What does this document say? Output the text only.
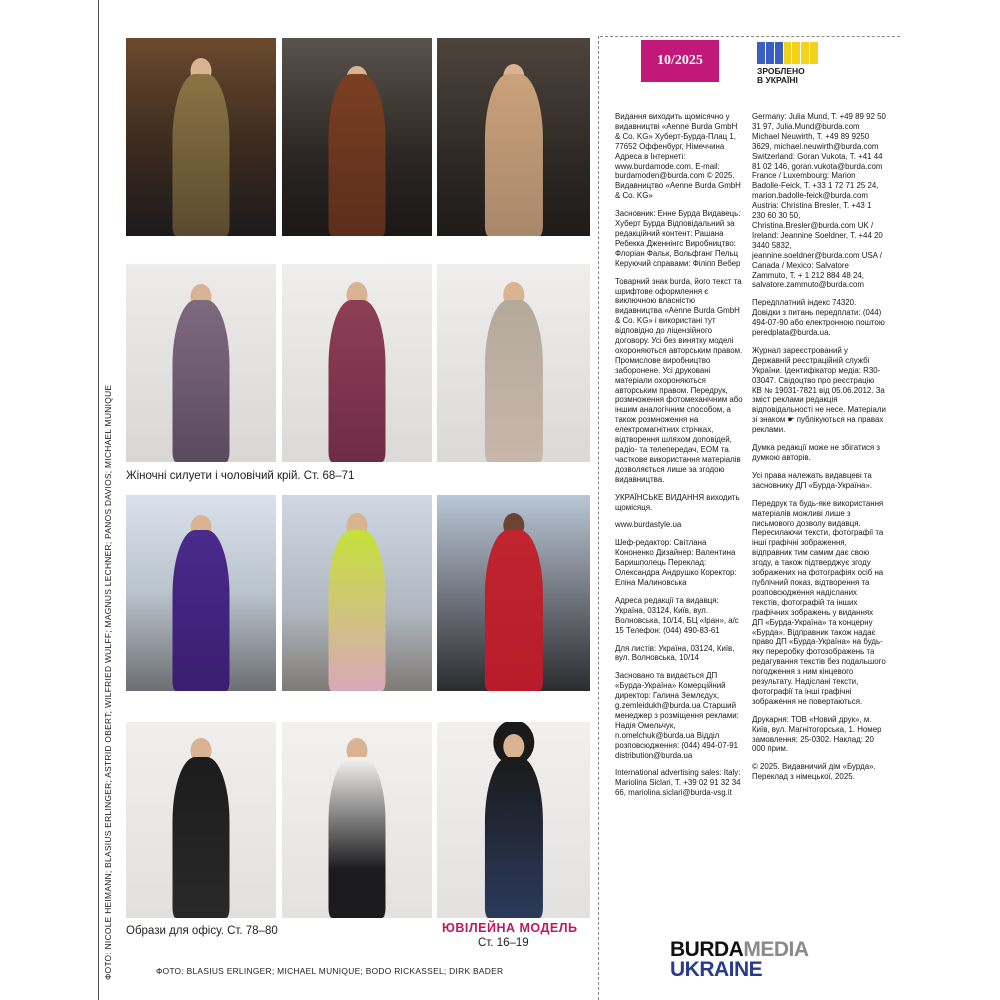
Жіночні силуети і чоловічий крій. Ст. 68–71
Образи для офісу. Ст. 78–80	ЮВІЛЕЙНА МОДЕЛЬ
Ст. 16–19
ФОТО: NICOLE HEIMANN; BLASIUS ERLINGER; ASTRID OBERT; WILFRIED WULFF; MAGNUS LECHNER; PANOS DAVIOS; MICHAEL MUNIQUE	ФОТО: BLASIUS ERLINGER; MICHAEL MUNIQUE; BODO RICKASSEL; DIRK BADER
10/2025
ЗРОБЛЕНО
В УКРАЇНІ

Видання виходить щомісячно у видавництві «Aenne Burda GmbH & Co. KG» Хуберт-Бурда-Плац 1, 77652 Оффенбург, Німеччина Адреса в Інтернеті: www.burdamode.com. E-mail: burdamoden@burda.com © 2025. Видавництво «Aenne Burda GmbH & Co. KG»

Засновник: Енне Бурда Видавець: Хуберт Бурда Відповідальний за редакційний контент: Рашана Ребекка Дженнінгс Виробництво: Флоріан Фальк, Вольфганг Пельц Керуючий справами: Філіпп Вебер

Товарний знак burda, його текст та шрифтове оформлення є виключною власністю видавництва «Aenne Burda GmbH & Co. KG» і використані тут відповідно до ліцензійного договору. Усі без винятку моделі охороняються авторським правом. Промислове виробництво заборонене. Усі друковані матеріали охороняються авторським правом. Передрук, розмноження фотомеханічним або іншим аналогічним способом, а також розмноження на електромагнітних стрічках, відтворення шляхом доповідей, радіо- та телепередач, ЕОМ та часткове використання матеріалів дозволяється лише за згодою видавництва.

УКРАЇНСЬКЕ ВИДАННЯ виходить щомісяця.

www.burdastyle.ua

Шеф-редактор: Світлана Кононенко Дизайнер: Валентина Баришполець Переклад: Олександра Андрушко Коректор: Еліна Малиновська

Адреса редакції та видавця: Україна, 03124, Київ, вул. Волновська, 10/14, БЦ «Іран», а/с 15 Телефон: (044) 490-83-61

Для листів: Україна, 03124, Київ, вул. Волновська, 10/14

Засновано та видається ДП «Бурда-Україна» Комерційний директор: Галина Землєдух, g.zemleidukh@burda.ua Старший менеджер з розміщення реклами: Надія Омельчук, n.omelchuk@burda.ua Відділ розповсюдження: (044) 494-07-91 distribution@burda.ua

International advertising sales: Italy: Mariolina Siclari, T. +39 02 91 32 34 66, mariolina.siclari@burda-vsg.it

Germany: Julia Mund, T. +49 89 92 50 31 97, Julia.Mund@burda.com Michael Neuwirth, T. +49 89 9250 3629, michael.neuwirth@burda.com Switzerland: Goran Vukota, T. +41 44 81 02 146, goran.vukota@burda.com France / Luxembourg: Marion Badolle-Feick, T. +33 1 72 71 25 24, marion.badolle-feick@burda.com Austria: Christina Bresler, T. +43 1 230 60 30 50, Christina.Bresler@burda.com UK / Ireland: Jeannine Soeldner, T. +44 20 3440 5832, jeannine.soeldner@burda.com USA / Canada / Mexico: Salvatore Zammuto, T. + 1 212 884 48 24, salvatore.zammuto@burda.com

Передплатний індекс 74320. Довідки з питань передплати: (044) 494-07-90 або електронною поштою peredplata@burda.ua.

Журнал зареєстрований у Державній реєстраційній службі України. Ідентифікатор медіа: R30-03047. Свідоцтво про реєстрацію КВ № 19031-7821 від 05.06.2012. За зміст реклами редакція відповідальності не несе. Матеріали зі знаком ☛ публікуються на правах реклами.

Думка редакції може не збігатися з думкою авторів.

Усі права належать видавцеві та засновнику ДП «Бурда-Україна».

Передрук та будь-яке використання матеріалів можливі лише з письмового дозволу видавця. Пересилаючи тексти, фотографії та інші графічні зображення, відправник тим самим дає свою згоду, а також підтверджує згоду зображених на фотографіях осіб на публічний показ, відтворення та розповсюдження надісланих текстів, фотографій та інших графічних зображень у виданнях ДП «Бурда-Україна» та концерну «Бурда». Відправник також надає право ДП «Бурда-Україна» на будь-яку переробку фотозображень та редагування текстів без подальшого погодження з ним кінцевого результату. Надіслані тексти, фотографії та інші графічні зображення не повертаються.

Друкарня: ТОВ «Новий друк», м. Київ, вул. Магнітогорська, 1. Номер замовлення: 25-0302. Наклад: 20 000 прим.

© 2025. Видавничий дім «Бурда». Переклад з німецької, 2025.

BURDAMEDIA
UKRAINE
